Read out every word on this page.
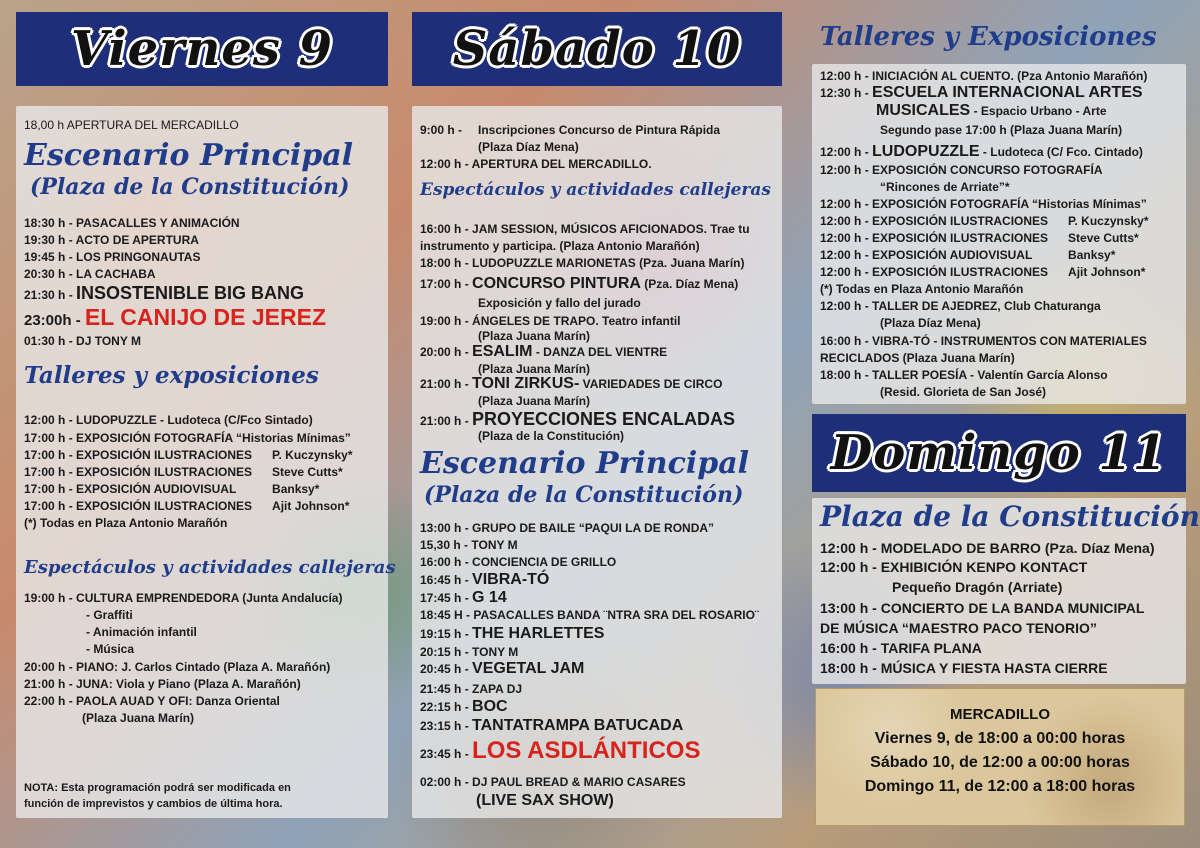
Viernes 9	Sábado 10
Domingo 11
18,00 h APERTURA DEL MERCADILLO
Escenario Principal
(Plaza de la Constitución)
18:30 h - PASACALLES Y ANIMACIÓN
19:30 h - ACTO DE APERTURA
19:45 h - LOS PRINGONAUTAS
20:30 h - LA CACHABA
21:30 h - INSOSTENIBLE BIG BANG
23:00h - EL CANIJO DE JEREZ
01:30 h - DJ TONY M
Talleres y exposiciones
12:00 h - LUDOPUZZLE - Ludoteca (C/Fco Sintado)
17:00 h - EXPOSICIÓN FOTOGRAFÍA “Historias Mínimas”
17:00 h - EXPOSICIÓN ILUSTRACIONES P. Kuczynsky*
17:00 h - EXPOSICIÓN ILUSTRACIONES Steve Cutts*
17:00 h - EXPOSICIÓN AUDIOVISUAL	Banksy*
17:00 h - EXPOSICIÓN ILUSTRACIONES Ajit Johnson*
(*) Todas en Plaza Antonio Marañón
Espectáculos y actividades callejeras
19:00 h - CULTURA EMPRENDEDORA (Junta Andalucía)
- Graffiti
- Animación infantil
- Música
20:00 h - PIANO: J. Carlos Cintado (Plaza A. Marañón)
21:00 h - JUNA: Viola y Piano (Plaza A. Marañón)
22:00 h - PAOLA AUAD Y OFI: Danza Oriental
(Plaza Juana Marín)
NOTA: Esta programación podrá ser modificada en
función de imprevistos y cambios de última hora.
9:00 h - Inscripciones Concurso de Pintura Rápida
(Plaza Díaz Mena)
12:00 h - APERTURA DEL MERCADILLO.
Espectáculos y actividades callejeras
16:00 h - JAM SESSION, MÚSICOS AFICIONADOS. Trae tu
instrumento y participa. (Plaza Antonio Marañón)
18:00 h - LUDOPUZZLE MARIONETAS (Pza. Juana Marín)
17:00 h - CONCURSO PINTURA (Pza. Díaz Mena)
Exposición y fallo del jurado
19:00 h - ÁNGELES DE TRAPO. Teatro infantil
(Plaza Juana Marín)
20:00 h - ESALIM - DANZA DEL VIENTRE
(Plaza Juana Marín)
21:00 h - TONI ZIRKUS- VARIEDADES DE CIRCO
(Plaza Juana Marín)
21:00 h - PROYECCIONES ENCALADAS
(Plaza de la Constitución)
Escenario Principal
(Plaza de la Constitución)
13:00 h - GRUPO DE BAILE “PAQUI LA DE RONDA”
15,30 h - TONY M
16:00 h - CONCIENCIA DE GRILLO
16:45 h - VIBRA-TÓ
17:45 h - G 14
18:45 H - PASACALLES BANDA ¨NTRA SRA DEL ROSARIO¨
19:15 h - THE HARLETTES
20:15 h - TONY M
20:45 h - VEGETAL JAM
21:45 h - ZAPA DJ
22:15 h - BOC
23:15 h - TANTATRAMPA BATUCADA
23:45 h - LOS ASDLÁNTICOS
02:00 h - DJ PAUL BREAD & MARIO CASARES
(LIVE SAX SHOW)
Talleres y Exposiciones
12:00 h - INICIACIÓN AL CUENTO. (Pza Antonio Marañón)
12:30 h - ESCUELA INTERNACIONAL ARTES
MUSICALES - Espacio Urbano - Arte
Segundo pase 17:00 h (Plaza Juana Marín)
12:00 h - LUDOPUZZLE - Ludoteca (C/ Fco. Cintado)
12:00 h - EXPOSICIÓN CONCURSO FOTOGRAFÍA
“Rincones de Arriate”*
12:00 h - EXPOSICIÓN FOTOGRAFÍA “Historias Mínimas”
12:00 h - EXPOSICIÓN ILUSTRACIONES P. Kuczynsky*
12:00 h - EXPOSICIÓN ILUSTRACIONES Steve Cutts*
12:00 h - EXPOSICIÓN AUDIOVISUAL	Banksy*
12:00 h - EXPOSICIÓN ILUSTRACIONES Ajit Johnson*
(*) Todas en Plaza Antonio Marañón
12:00 h - TALLER DE AJEDREZ, Club Chaturanga
(Plaza Díaz Mena)
16:00 h - VIBRA-TÓ - INSTRUMENTOS CON MATERIALES
RECICLADOS (Plaza Juana Marín)
18:00 h - TALLER POESÍA - Valentín García Alonso
(Resid. Glorieta de San José)
Plaza de la Constitución
12:00 h - MODELADO DE BARRO (Pza. Díaz Mena)
12:00 h - EXHIBICIÓN KENPO KONTACT
Pequeño Dragón (Arriate)
13:00 h - CONCIERTO DE LA BANDA MUNICIPAL
DE MÚSICA “MAESTRO PACO TENORIO”
16:00 h - TARIFA PLANA
18:00 h - MÚSICA Y FIESTA HASTA CIERRE
MERCADILLO
Viernes 9, de 18:00 a 00:00 horas
Sábado 10, de 12:00 a 00:00 horas
Domingo 11, de 12:00 a 18:00 horas
